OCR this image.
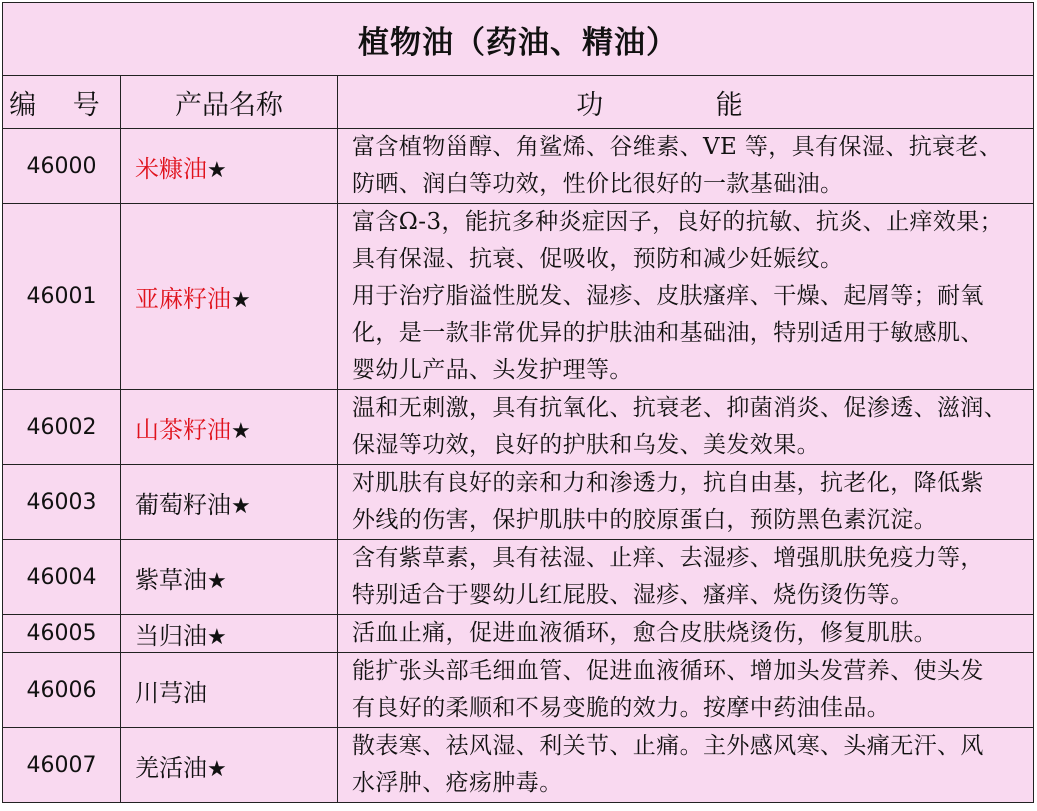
植物油（药油、精油）		
编 号	产品名称	功 能
46000	米糠油★	富含植物甾醇、角鲨烯、谷维素、VE 等，具有保湿、抗衰老、
防晒、润白等功效，性价比很好的一款基础油。

46001	亚麻籽油★	富含Ω-3，能抗多种炎症因子，良好的抗敏、抗炎、止痒效果；
具有保湿、抗衰、促吸收，预防和减少妊娠纹。
用于治疗脂溢性脱发、湿疹、皮肤瘙痒、干燥、起屑等；耐氧
化，是一款非常优异的护肤油和基础油，特别适用于敏感肌、
婴幼儿产品、头发护理等。

46002	山茶籽油★	温和无刺激，具有抗氧化、抗衰老、抑菌消炎、促渗透、滋润、
保湿等功效，良好的护肤和乌发、美发效果。

46003	葡萄籽油★	对肌肤有良好的亲和力和渗透力，抗自由基，抗老化，降低紫
外线的伤害，保护肌肤中的胶原蛋白，预防黑色素沉淀。

46004	紫草油★	含有紫草素，具有祛湿、止痒、去湿疹、增强肌肤免疫力等，
特别适合于婴幼儿红屁股、湿疹、瘙痒、烧伤烫伤等。

46005	当归油★	活血止痛，促进血液循环，愈合皮肤烧烫伤，修复肌肤。

46006	川芎油	能扩张头部毛细血管、促进血液循环、增加头发营养、使头发
有良好的柔顺和不易变脆的效力。按摩中药油佳品。

46007	羌活油★	散表寒、祛风湿、利关节、止痛。主外感风寒、头痛无汗、风
水浮肿、疮疡肿毒。
